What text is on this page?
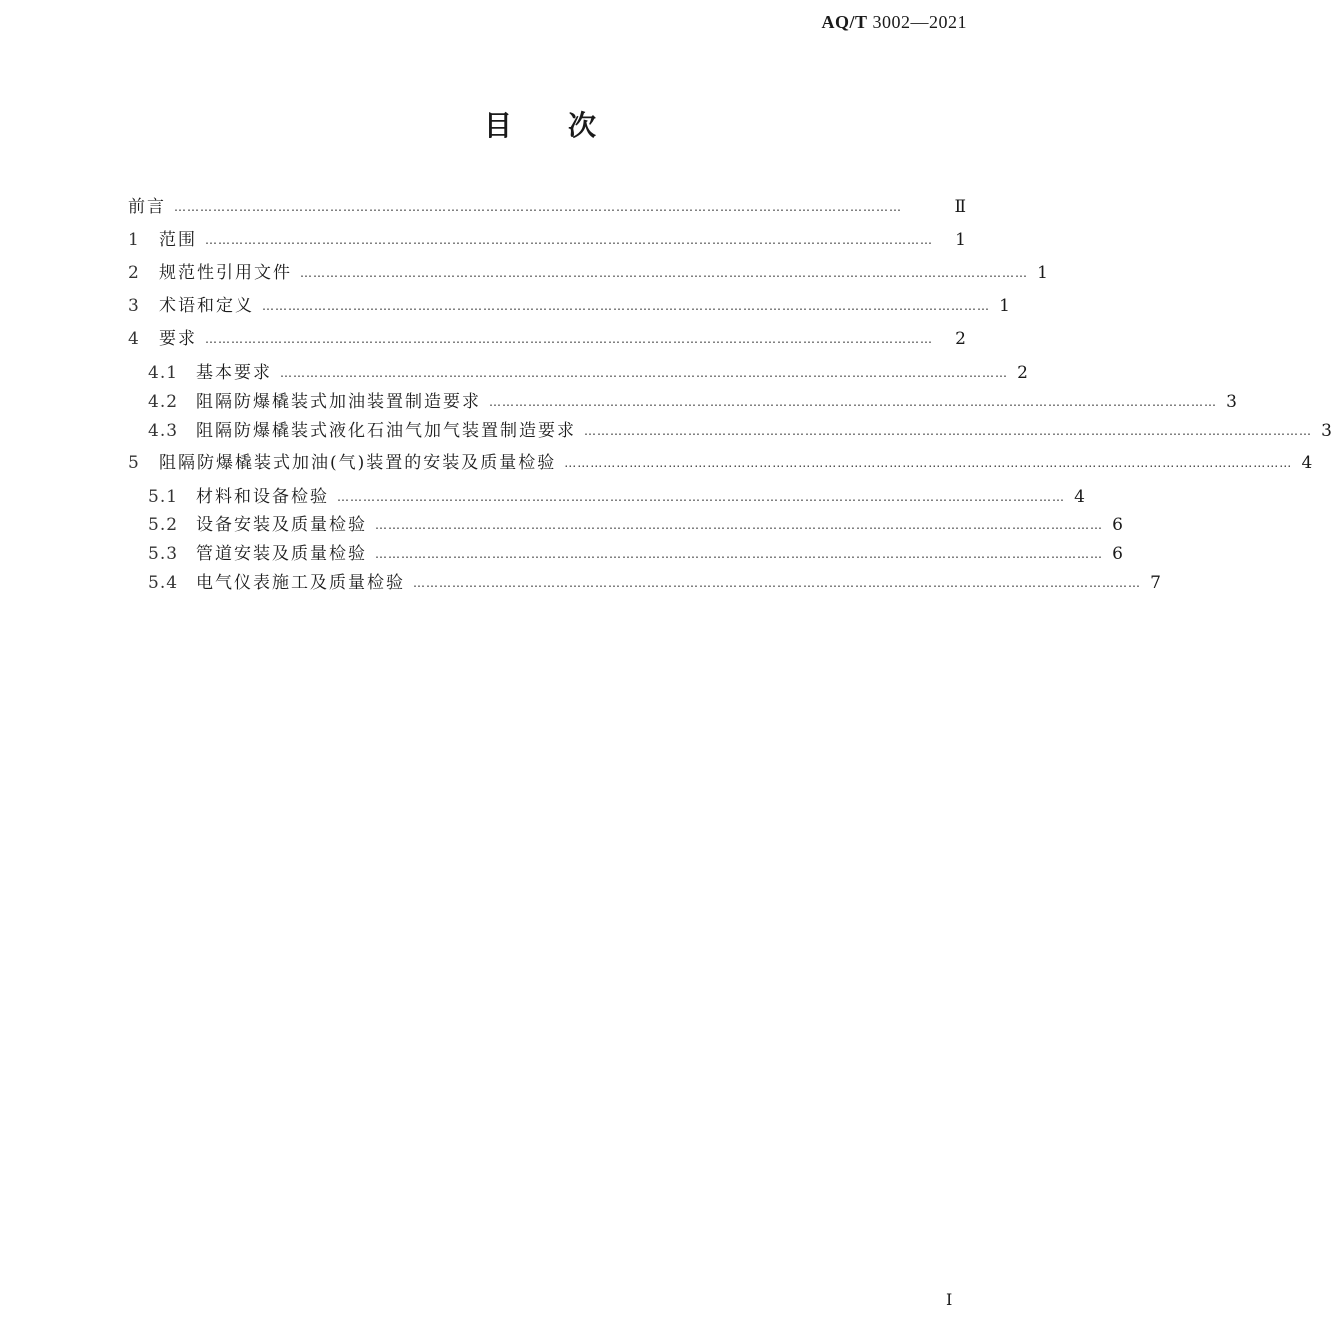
AQ/T 3002—2021
目次
前言 ……………………………………………………………………………………………………………………………………………………	Ⅱ
1	范围 ……………………………………………………………………………………………………………………………………………………	1
2	规范性引用文件 …………………………………………………………………………………………………………………………………………………… 1
3	术语和定义 …………………………………………………………………………………………………………………………………………………… 1
4	要求 ……………………………………………………………………………………………………………………………………………………	2
4.1	基本要求 …………………………………………………………………………………………………………………………………………………… 2
4.2	阻隔防爆橇装式加油装置制造要求 …………………………………………………………………………………………………………………………………………………… 3
4.3	阻隔防爆橇装式液化石油气加气装置制造要求 …………………………………………………………………………………………………………………………………………………… 3
5	阻隔防爆橇装式加油(气)装置的安装及质量检验 …………………………………………………………………………………………………………………………………………………… 4
5.1	材料和设备检验 …………………………………………………………………………………………………………………………………………………… 4
5.2	设备安装及质量检验 …………………………………………………………………………………………………………………………………………………… 6
5.3	管道安装及质量检验 …………………………………………………………………………………………………………………………………………………… 6
5.4	电气仪表施工及质量检验 …………………………………………………………………………………………………………………………………………………… 7
I
